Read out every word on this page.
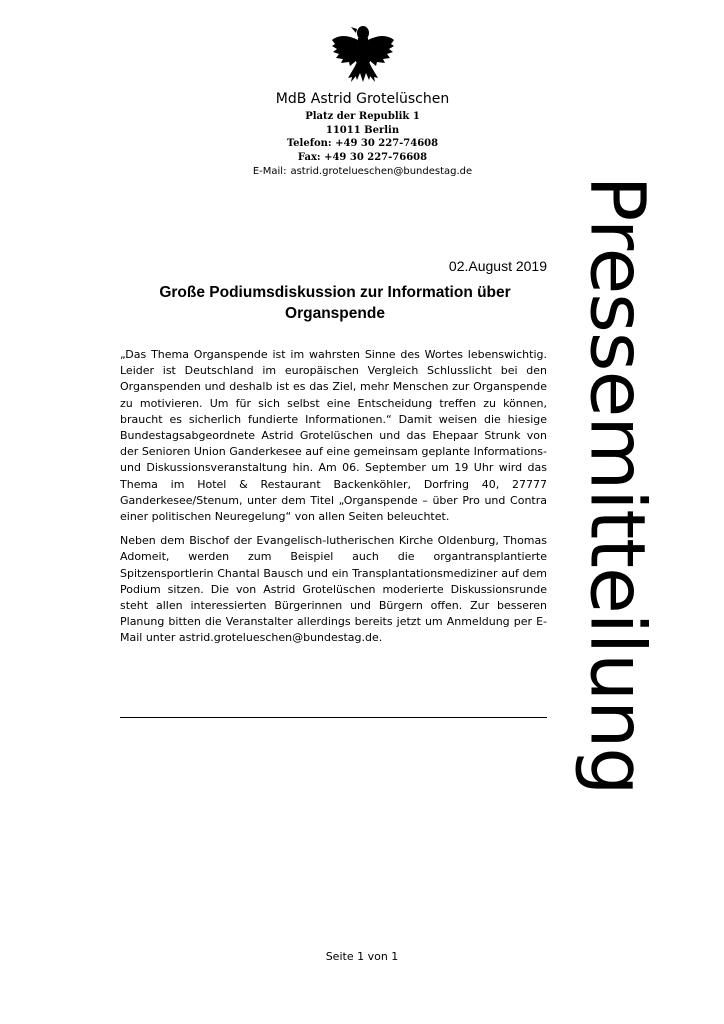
MdB Astrid Grotelüschen
Platz der Republik 1
11011 Berlin
Telefon: +49 30 227-74608
Fax: +49 30 227-76608
E-Mail: astrid.grotelueschen@bundestag.de
Pressemitteilung
02.August 2019
Große Podiumsdiskussion zur Information über Organspende

„Das Thema Organspende ist im wahrsten Sinne des Wortes lebenswichtig. Leider ist Deutschland im europäischen Vergleich Schlusslicht bei den Organspenden und deshalb ist es das Ziel, mehr Menschen zur Organspende zu motivieren. Um für sich selbst eine Entscheidung treffen zu können, braucht es sicherlich fundierte Informationen.“ Damit weisen die hiesige Bundestagsabgeordnete Astrid Grotelüschen und das Ehepaar Strunk von der Senioren Union Ganderkesee auf eine gemeinsam geplante Informations- und Diskussionsveranstaltung hin. Am 06. September um 19 Uhr wird das Thema im Hotel & Restaurant Backenköhler, Dorfring 40, 27777 Ganderkesee/Stenum, unter dem Titel „Organspende – über Pro und Contra einer politischen Neuregelung“ von allen Seiten beleuchtet.

Neben dem Bischof der Evangelisch-lutherischen Kirche Oldenburg, Thomas Adomeit, werden zum Beispiel auch die organtransplantierte Spitzensportlerin Chantal Bausch und ein Transplantationsmediziner auf dem Podium sitzen. Die von Astrid Grotelüschen moderierte Diskussionsrunde steht allen interessierten Bürgerinnen und Bürgern offen. Zur besseren Planung bitten die Veranstalter allerdings bereits jetzt um Anmeldung per E-Mail unter astrid.grotelueschen@bundestag.de.

Seite 1 von 1
